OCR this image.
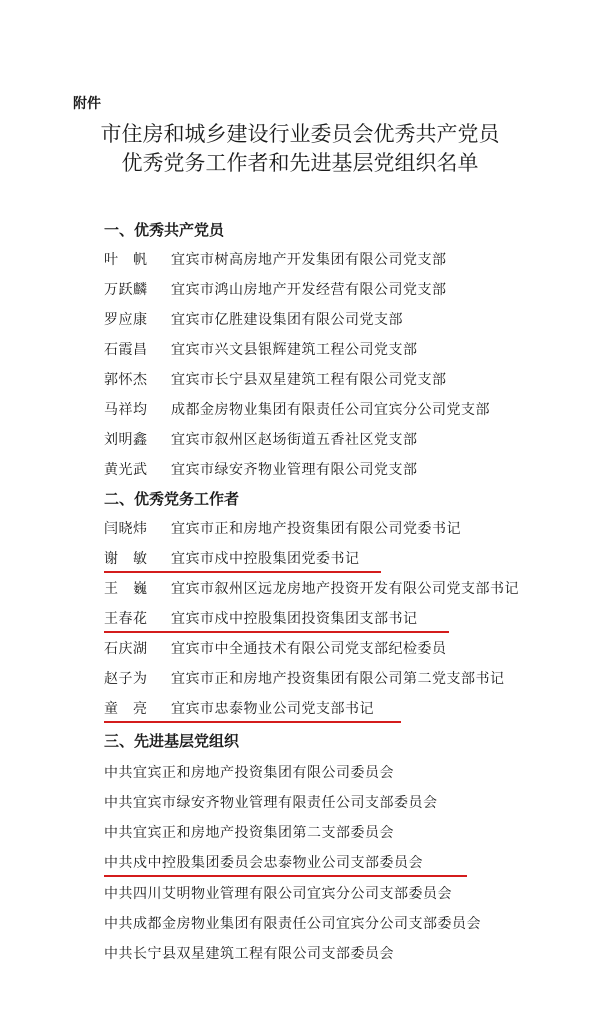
附件
市住房和城乡建设行业委员会优秀共产党员
优秀党务工作者和先进基层党组织名单
一、优秀共产党员
叶　帆 宜宾市树高房地产开发集团有限公司党支部
万跃麟 宜宾市鸿山房地产开发经营有限公司党支部
罗应康 宜宾市亿胜建设集团有限公司党支部
石霞昌 宜宾市兴文县银辉建筑工程公司党支部
郭怀杰 宜宾市长宁县双星建筑工程有限公司党支部
马祥均 成都金房物业集团有限责任公司宜宾分公司党支部
刘明鑫 宜宾市叙州区赵场街道五香社区党支部
黄光武 宜宾市绿安齐物业管理有限公司党支部
二、优秀党务工作者
闫晓炜 宜宾市正和房地产投资集团有限公司党委书记
谢　敏 宜宾市戍中控股集团党委书记
王　巍 宜宾市叙州区远龙房地产投资开发有限公司党支部书记
王春花 宜宾市戍中控股集团投资集团支部书记
石庆湖 宜宾市中全通技术有限公司党支部纪检委员
赵子为 宜宾市正和房地产投资集团有限公司第二党支部书记
童　亮 宜宾市忠泰物业公司党支部书记
三、先进基层党组织
中共宜宾正和房地产投资集团有限公司委员会
中共宜宾市绿安齐物业管理有限责任公司支部委员会
中共宜宾正和房地产投资集团第二支部委员会
中共戍中控股集团委员会忠泰物业公司支部委员会
中共四川艾明物业管理有限公司宜宾分公司支部委员会
中共成都金房物业集团有限责任公司宜宾分公司支部委员会
中共长宁县双星建筑工程有限公司支部委员会
